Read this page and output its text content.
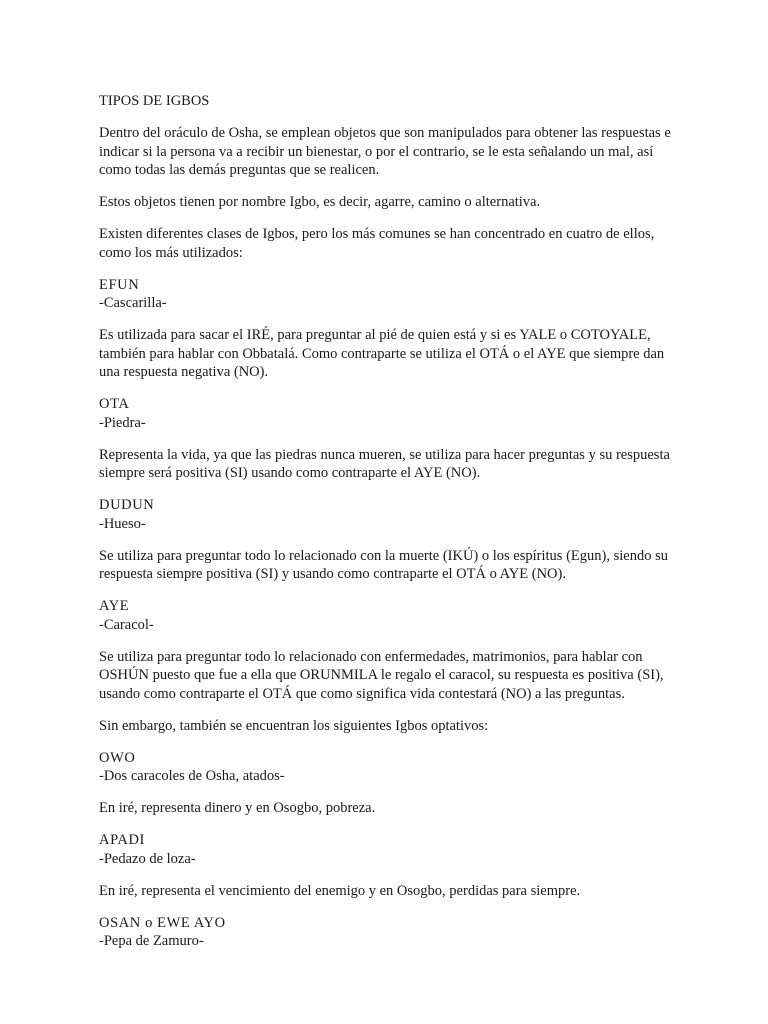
TIPOS DE IGBOS

Dentro del oráculo de Osha, se emplean objetos que son manipulados para obtener las respuestas e indicar si la persona va a recibir un bienestar, o por el contrario, se le esta señalando un mal, así como todas las demás preguntas que se realicen.

Estos objetos tienen por nombre Igbo, es decir, agarre, camino o alternativa.

Existen diferentes clases de Igbos, pero los más comunes se han concentrado en cuatro de ellos, como los más utilizados:

EFUN
-Cascarilla-

Es utilizada para sacar el IRÉ, para preguntar al pié de quien está y si es YALE o COTOYALE, también para hablar con Obbatalá. Como contraparte se utiliza el OTÁ o el AYE que siempre dan una respuesta negativa (NO).

OTA
-Piedra-

Representa la vida, ya que las piedras nunca mueren, se utiliza para hacer preguntas y su respuesta siempre será positiva (SI) usando como contraparte el AYE (NO).

DUDUN
-Hueso-

Se utiliza para preguntar todo lo relacionado con la muerte (IKÚ) o los espíritus (Egun), siendo su respuesta siempre positiva (SI) y usando como contraparte el OTÁ o AYE (NO).

AYE
-Caracol-

Se utiliza para preguntar todo lo relacionado con enfermedades, matrimonios, para hablar con OSHÚN puesto que fue a ella que ORUNMILA le regalo el caracol, su respuesta es positiva (SI), usando como contraparte el OTÁ que como significa vida contestará (NO) a las preguntas.

Sin embargo, también se encuentran los siguientes Igbos optativos:

OWO
-Dos caracoles de Osha, atados-

En iré, representa dinero y en Osogbo, pobreza.

APADI
-Pedazo de loza-

En iré, representa el vencimiento del enemigo y en Osogbo, perdidas para siempre.

OSAN o EWE AYO
-Pepa de Zamuro-
